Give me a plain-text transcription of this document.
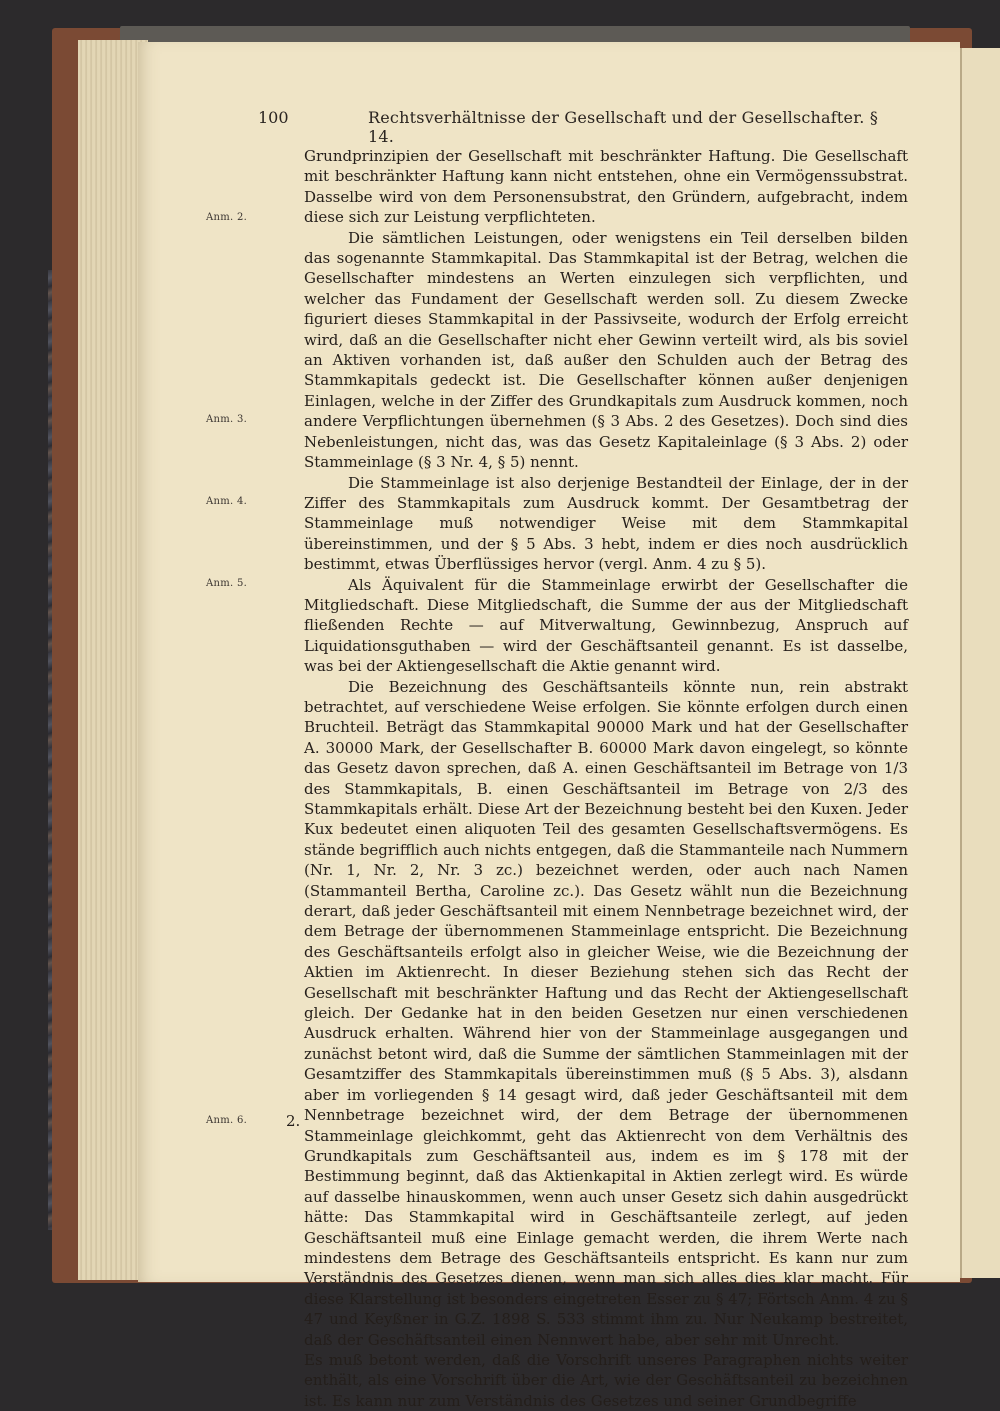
100	Rechtsverhältnisse der Gesellschaft und der Gesellschafter. § 14.
Anm. 2.
Anm. 3.
Anm. 4.
Anm. 5.
Anm. 6.	2.

Grundprinzipien der Gesellschaft mit beschränkter Haftung. Die Gesellschaft mit beschränkter Haftung kann nicht entstehen, ohne ein Vermögenssubstrat. Dasselbe wird von dem Personensubstrat, den Gründern, aufgebracht, indem diese sich zur Leistung verpflichteten.

Die sämtlichen Leistungen, oder wenigstens ein Teil derselben bilden das sogenannte Stammkapital. Das Stammkapital ist der Betrag, welchen die Gesellschafter mindestens an Werten einzulegen sich verpflichten, und welcher das Fundament der Gesellschaft werden soll. Zu diesem Zwecke figuriert dieses Stammkapital in der Passivseite, wodurch der Erfolg erreicht wird, daß an die Gesellschafter nicht eher Gewinn verteilt wird, als bis soviel an Aktiven vorhanden ist, daß außer den Schulden auch der Betrag des Stammkapitals gedeckt ist. Die Gesellschafter können außer denjenigen Einlagen, welche in der Ziffer des Grundkapitals zum Ausdruck kommen, noch andere Verpflichtungen übernehmen (§ 3 Abs. 2 des Gesetzes). Doch sind dies Nebenleistungen, nicht das, was das Gesetz Kapitaleinlage (§ 3 Abs. 2) oder Stammeinlage (§ 3 Nr. 4, § 5) nennt.

Die Stammeinlage ist also derjenige Bestandteil der Einlage, der in der Ziffer des Stammkapitals zum Ausdruck kommt. Der Gesamtbetrag der Stammeinlage muß notwendiger Weise mit dem Stammkapital übereinstimmen, und der § 5 Abs. 3 hebt, indem er dies noch ausdrücklich bestimmt, etwas Überflüssiges hervor (vergl. Anm. 4 zu § 5).

Als Äquivalent für die Stammeinlage erwirbt der Gesellschafter die Mitgliedschaft. Diese Mitgliedschaft, die Summe der aus der Mitgliedschaft fließenden Rechte — auf Mitverwaltung, Gewinnbezug, Anspruch auf Liquidationsguthaben — wird der Geschäftsanteil genannt. Es ist dasselbe, was bei der Aktiengesellschaft die Aktie genannt wird.

Die Bezeichnung des Geschäftsanteils könnte nun, rein abstrakt betrachtet, auf verschiedene Weise erfolgen. Sie könnte erfolgen durch einen Bruchteil. Beträgt das Stammkapital 90000 Mark und hat der Gesellschafter A. 30000 Mark, der Gesellschafter B. 60000 Mark davon eingelegt, so könnte das Gesetz davon sprechen, daß A. einen Geschäftsanteil im Betrage von 1/3 des Stammkapitals, B. einen Geschäftsanteil im Betrage von 2/3 des Stammkapitals erhält. Diese Art der Bezeichnung besteht bei den Kuxen. Jeder Kux bedeutet einen aliquoten Teil des gesamten Gesellschaftsvermögens. Es stände begrifflich auch nichts entgegen, daß die Stammanteile nach Nummern (Nr. 1, Nr. 2, Nr. 3 zc.) bezeichnet werden, oder auch nach Namen (Stammanteil Bertha, Caroline zc.). Das Gesetz wählt nun die Bezeichnung derart, daß jeder Geschäftsanteil mit einem Nennbetrage bezeichnet wird, der dem Betrage der übernommenen Stammeinlage entspricht. Die Bezeichnung des Geschäftsanteils erfolgt also in gleicher Weise, wie die Bezeichnung der Aktien im Aktienrecht. In dieser Beziehung stehen sich das Recht der Gesellschaft mit beschränkter Haftung und das Recht der Aktiengesellschaft gleich. Der Gedanke hat in den beiden Gesetzen nur einen verschiedenen Ausdruck erhalten. Während hier von der Stammeinlage ausgegangen und zunächst betont wird, daß die Summe der sämtlichen Stammeinlagen mit der Gesamtziffer des Stammkapitals übereinstimmen muß (§ 5 Abs. 3), alsdann aber im vorliegenden § 14 gesagt wird, daß jeder Geschäftsanteil mit dem Nennbetrage bezeichnet wird, der dem Betrage der übernommenen Stammeinlage gleichkommt, geht das Aktienrecht von dem Verhältnis des Grundkapitals zum Geschäftsanteil aus, indem es im § 178 mit der Bestimmung beginnt, daß das Aktienkapital in Aktien zerlegt wird. Es würde auf dasselbe hinauskommen, wenn auch unser Gesetz sich dahin ausgedrückt hätte: Das Stammkapital wird in Geschäftsanteile zerlegt, auf jeden Geschäftsanteil muß eine Einlage gemacht werden, die ihrem Werte nach mindestens dem Betrage des Geschäftsanteils entspricht. Es kann nur zum Verständnis des Gesetzes dienen, wenn man sich alles dies klar macht. Für diese Klarstellung ist besonders eingetreten Esser zu § 47; Förtsch Anm. 4 zu § 47 und Keyßner in G.Z. 1898 S. 533 stimmt ihm zu. Nur Neukamp bestreitet, daß der Geschäftsanteil einen Nennwert habe, aber sehr mit Unrecht.

Es muß betont werden, daß die Vorschrift unseres Paragraphen nichts weiter enthält, als eine Vorschrift über die Art, wie der Geschäftsanteil zu bezeichnen ist. Es kann nur zum Verständnis des Gesetzes und seiner Grundbegriffe
